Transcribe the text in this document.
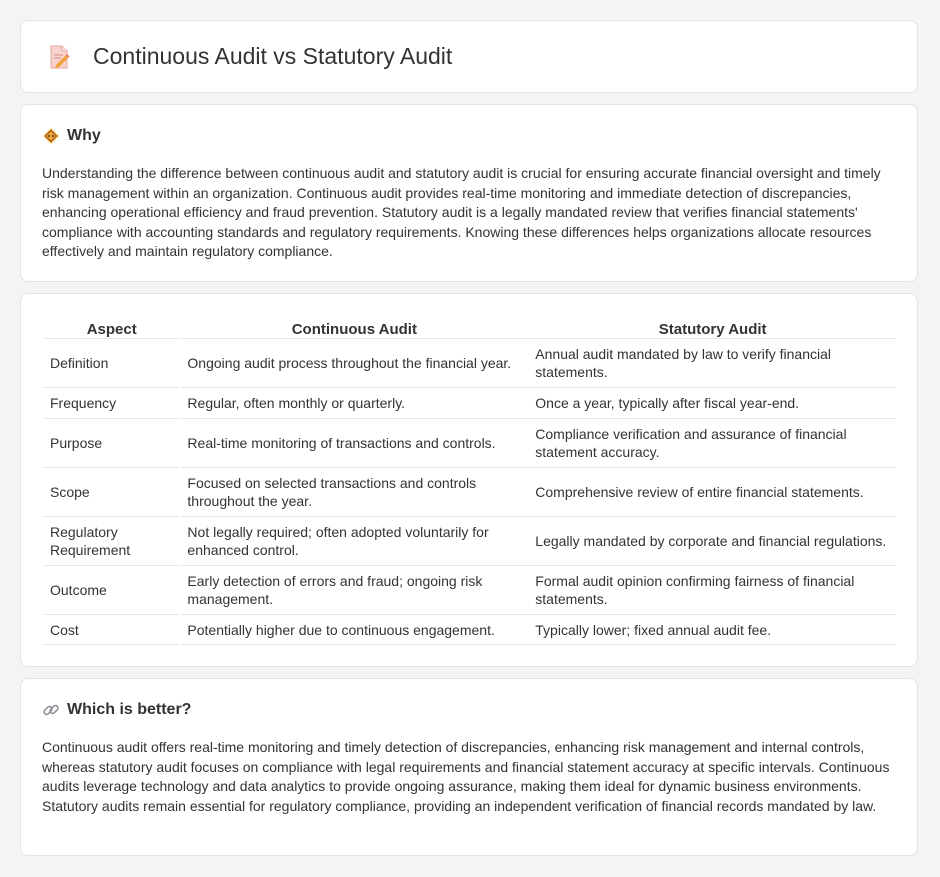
Continuous Audit vs Statutory Audit
Why

Understanding the difference between continuous audit and statutory audit is crucial for ensuring accurate financial oversight and timely risk management within an organization. Continuous audit provides real-time monitoring and immediate detection of discrepancies, enhancing operational efficiency and fraud prevention. Statutory audit is a legally mandated review that verifies financial statements' compliance with accounting standards and regulatory requirements. Knowing these differences helps organizations allocate resources effectively and maintain regulatory compliance.

Aspect	Continuous Audit	Statutory Audit
Definition	Ongoing audit process throughout the financial year.	Annual audit mandated by law to verify financial statements.
Frequency	Regular, often monthly or quarterly.	Once a year, typically after fiscal year-end.
Purpose	Real-time monitoring of transactions and controls.	Compliance verification and assurance of financial statement accuracy.
Scope	Focused on selected transactions and controls throughout the year.	Comprehensive review of entire financial statements.
Regulatory Requirement	Not legally required; often adopted voluntarily for enhanced control.	Legally mandated by corporate and financial regulations.
Outcome	Early detection of errors and fraud; ongoing risk management.	Formal audit opinion confirming fairness of financial statements.
Cost	Potentially higher due to continuous engagement.	Typically lower; fixed annual audit fee.
Which is better?

Continuous audit offers real-time monitoring and timely detection of discrepancies, enhancing risk management and internal controls, whereas statutory audit focuses on compliance with legal requirements and financial statement accuracy at specific intervals. Continuous audits leverage technology and data analytics to provide ongoing assurance, making them ideal for dynamic business environments. Statutory audits remain essential for regulatory compliance, providing an independent verification of financial records mandated by law.
